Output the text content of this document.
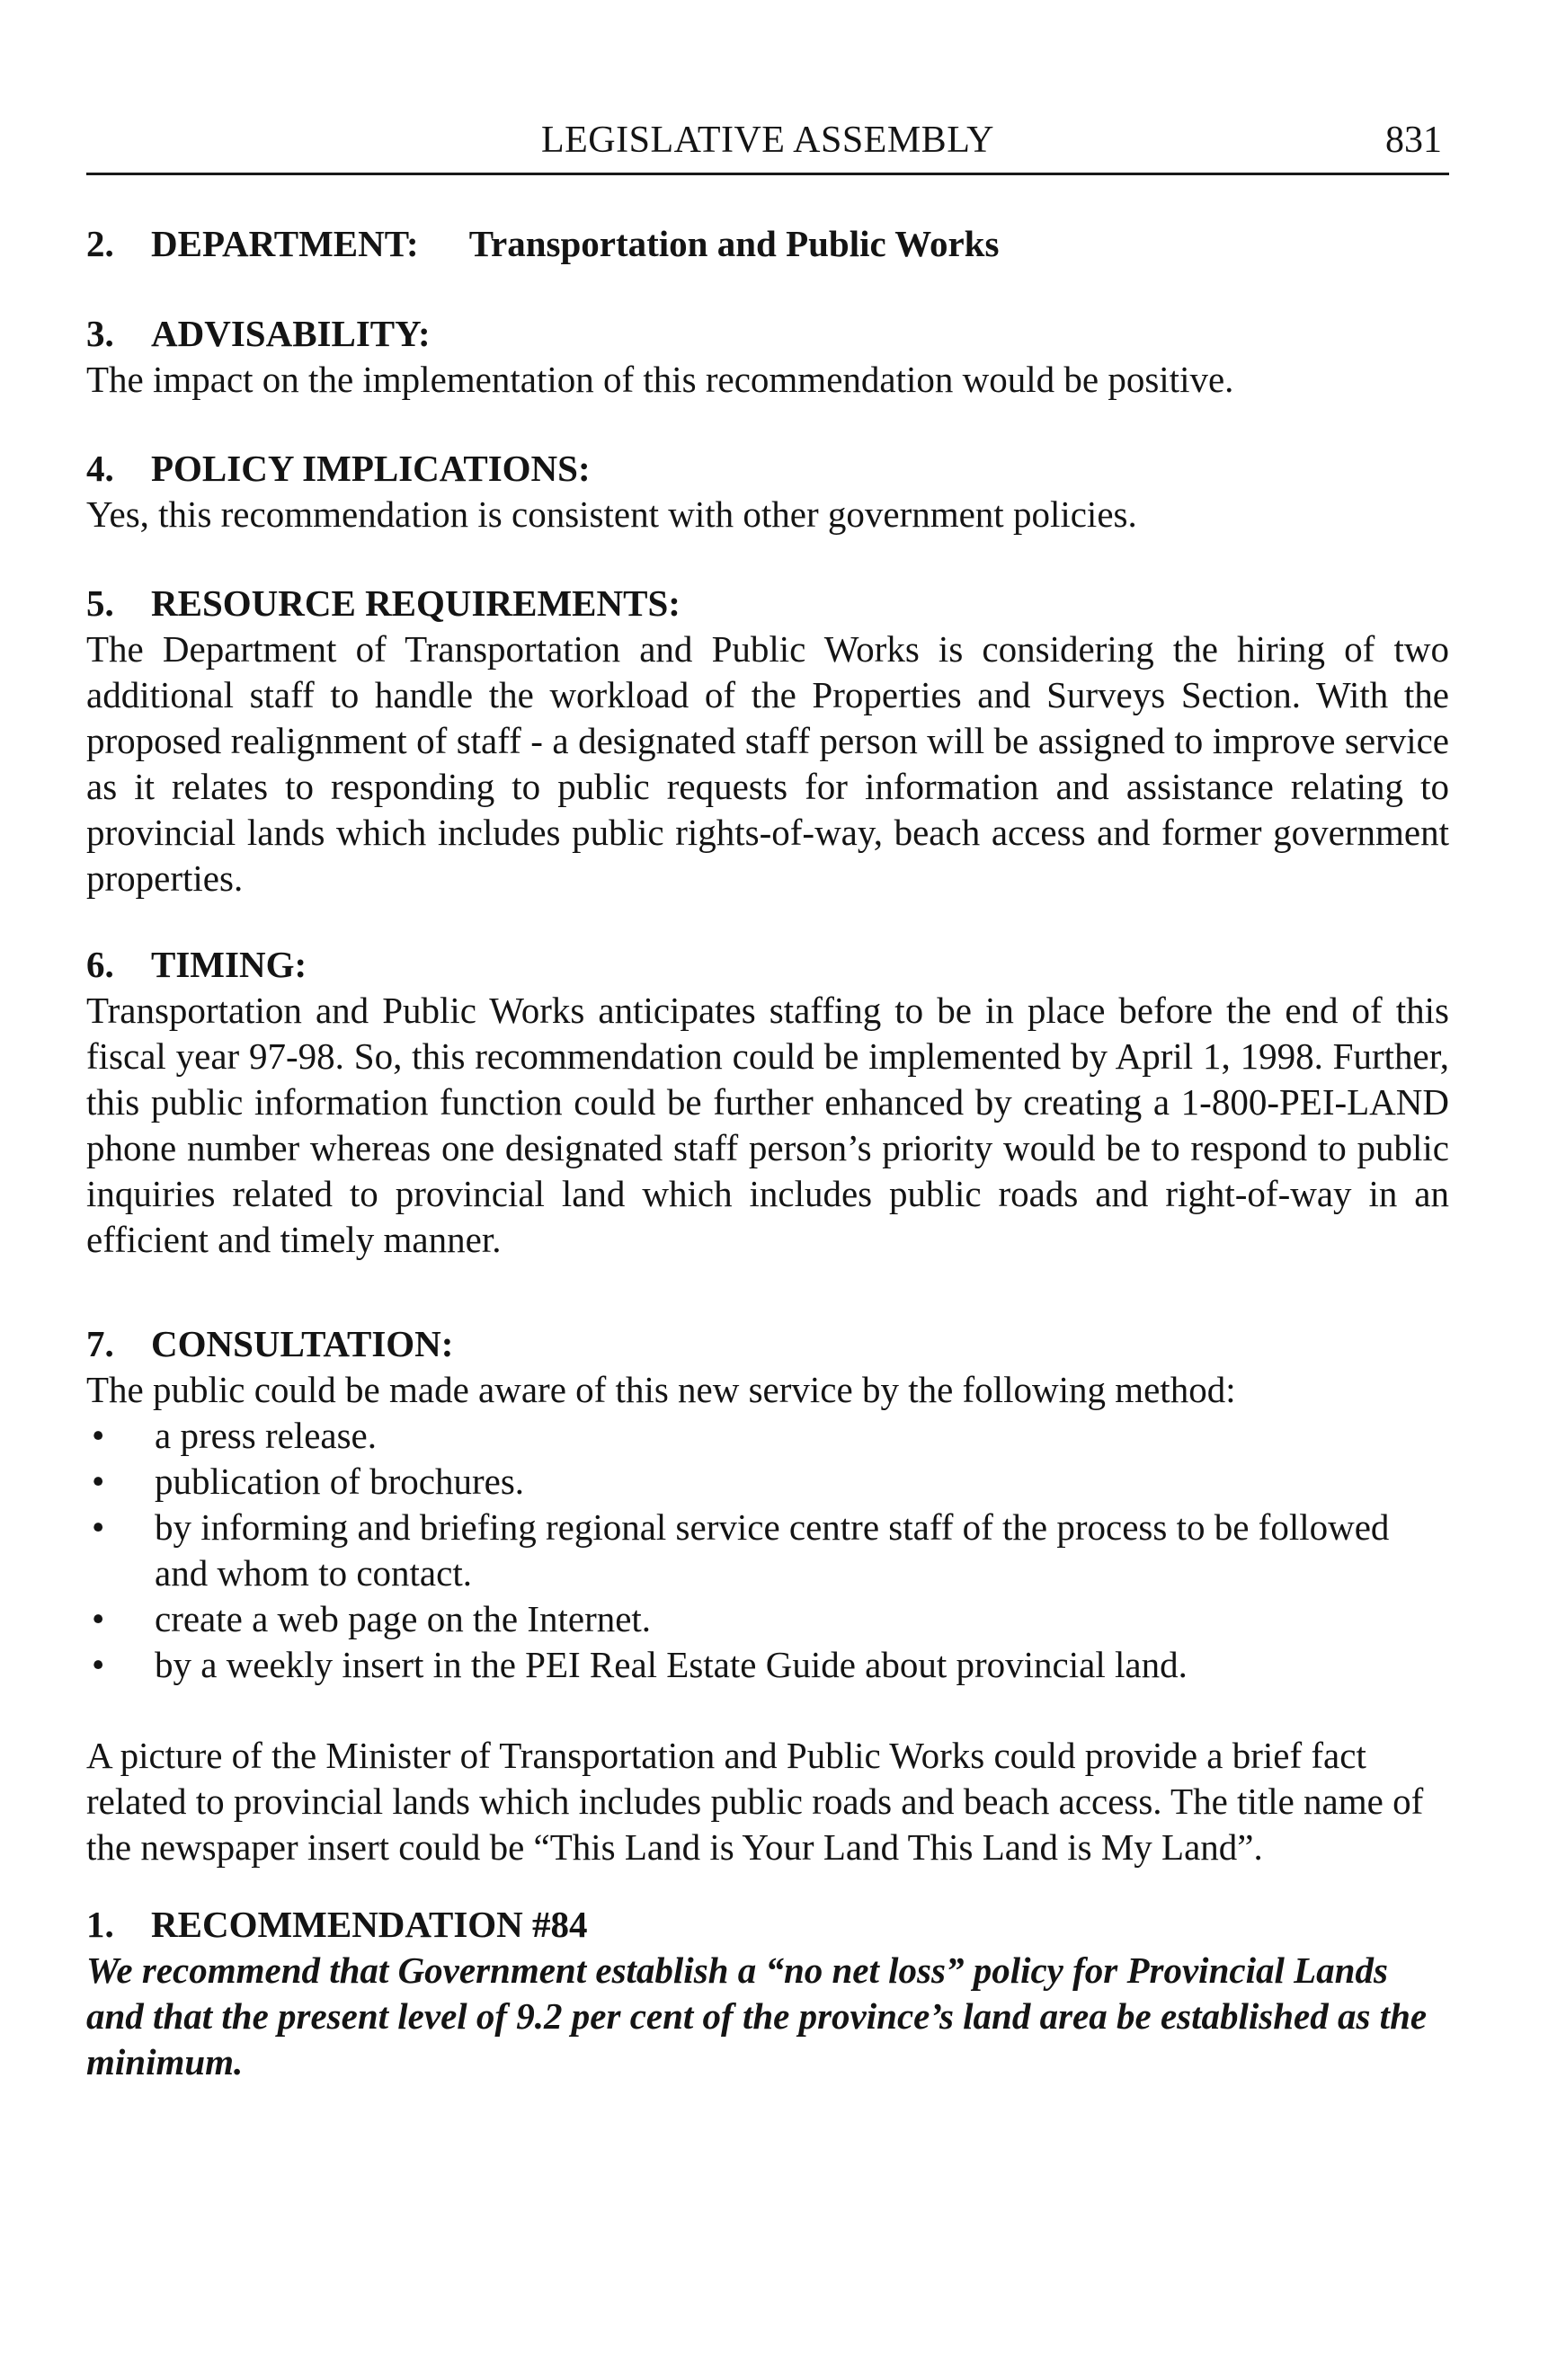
LEGISLATIVE ASSEMBLY	831
2. DEPARTMENT: Transportation and Public Works
3. ADVISABILITY:
The impact on the implementation of this recommendation would be positive.
4. POLICY IMPLICATIONS:
Yes, this recommendation is consistent with other government policies.
5. RESOURCE REQUIREMENTS:
The Department of Transportation and Public Works is considering the hiring of two additional staff to handle the workload of the Properties and Surveys Section. With the proposed realignment of staff - a designated staff person will be assigned to improve service as it relates to responding to public requests for information and assistance relating to provincial lands which includes public rights-of-way, beach access and former government properties.
6. TIMING:
Transportation and Public Works anticipates staffing to be in place before the end of this fiscal year 97-98. So, this recommendation could be implemented by April 1, 1998. Further, this public information function could be further enhanced by creating a 1-800-PEI-LAND phone number whereas one designated staff person’s priority would be to respond to public inquiries related to provincial land which includes public roads and right-of-way in an efficient and timely manner.
7. CONSULTATION:
The public could be made aware of this new service by the following method:
• a press release.
• publication of brochures.
• by informing and briefing regional service centre staff of the process to be followed and whom to contact.
• create a web page on the Internet.
• by a weekly insert in the PEI Real Estate Guide about provincial land.
A picture of the Minister of Transportation and Public Works could provide a brief fact related to provincial lands which includes public roads and beach access. The title name of the newspaper insert could be “This Land is Your Land This Land is My Land”.
1. RECOMMENDATION #84
We recommend that Government establish a “no net loss” policy for Provincial Lands and that the present level of 9.2 per cent of the province’s land area be established as the minimum.
